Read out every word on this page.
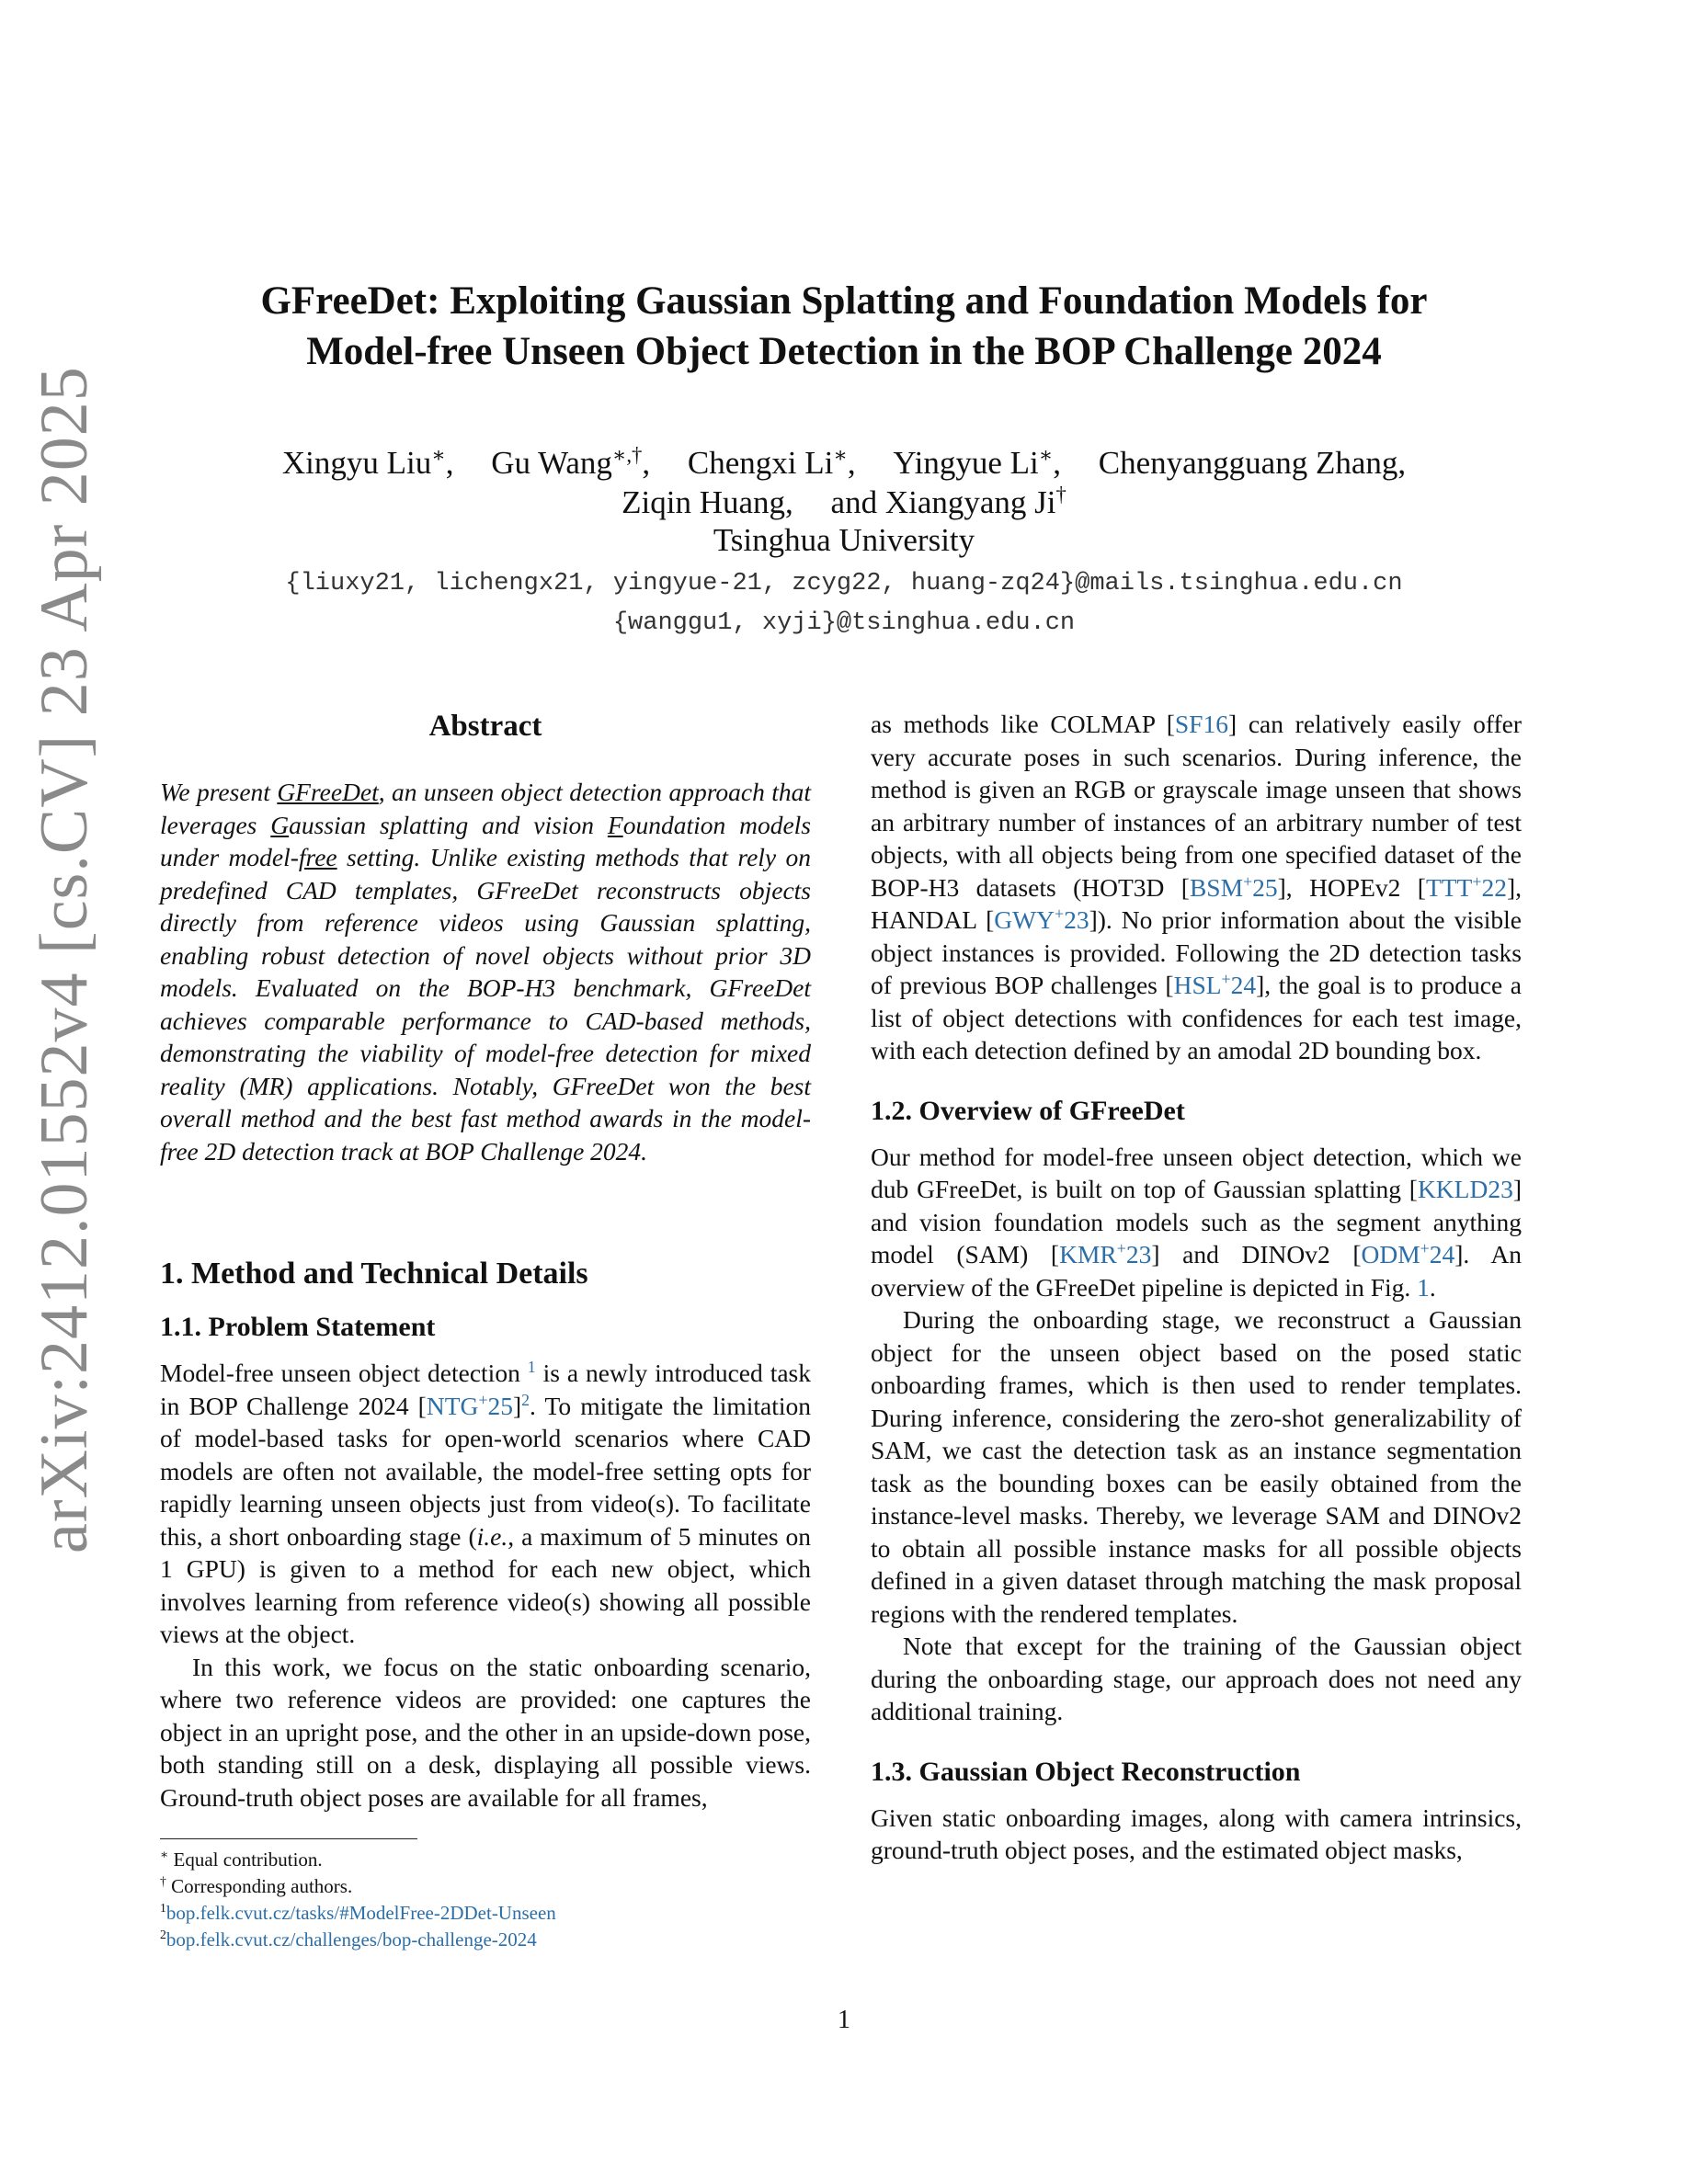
arXiv:2412.01552v4 [cs.CV] 23 Apr 2025
GFreeDet: Exploiting Gaussian Splatting and Foundation Models for
Model-free Unseen Object Detection in the BOP Challenge 2024
Xingyu Liu∗, Gu Wang∗,†, Chengxi Li∗, Yingyue Li∗, Chenyangguang Zhang,
Ziqin Huang, and Xiangyang Ji†
Tsinghua University
{liuxy21, lichengx21, yingyue-21, zcyg22, huang-zq24}@mails.tsinghua.edu.cn
{wanggu1, xyji}@tsinghua.edu.cn
Abstract

We present GFreeDet, an unseen object detection approach that leverages Gaussian splatting and vision Foundation models under model-free setting. Unlike existing methods that rely on predefined CAD templates, GFreeDet reconstructs objects directly from reference videos using Gaussian splatting, enabling robust detection of novel objects without prior 3D models. Evaluated on the BOP-H3 benchmark, GFreeDet achieves comparable performance to CAD-based methods, demonstrating the viability of model-free detection for mixed reality (MR) applications. Notably, GFreeDet won the best overall method and the best fast method awards in the model-free 2D detection track at BOP Challenge 2024.

1. Method and Technical Details
1.1. Problem Statement

Model-free unseen object detection $^1$ is a newly introduced task in BOP Challenge 2024 [NTG+25]$^2$. To mitigate the limitation of model-based tasks for open-world scenarios where CAD models are often not available, the model-free setting opts for rapidly learning unseen objects just from video(s). To facilitate this, a short onboarding stage (i.e., a maximum of 5 minutes on 1 GPU) is given to a method for each new object, which involves learning from reference video(s) showing all possible views at the object.

In this work, we focus on the static onboarding scenario, where two reference videos are provided: one captures the object in an upright pose, and the other in an upside-down pose, both standing still on a desk, displaying all possible views. Ground-truth object poses are available for all frames,

∗ Equal contribution.
† Corresponding authors.
$^1$bop.felk.cvut.cz/tasks/#ModelFree-2DDet-Unseen
$^2$bop.felk.cvut.cz/challenges/bop-challenge-2024

as methods like COLMAP [SF16] can relatively easily offer very accurate poses in such scenarios. During inference, the method is given an RGB or grayscale image unseen that shows an arbitrary number of instances of an arbitrary number of test objects, with all objects being from one specified dataset of the BOP-H3 datasets (HOT3D [BSM+25], HOPEv2 [TTT+22], HANDAL [GWY+23]). No prior information about the visible object instances is provided. Following the 2D detection tasks of previous BOP challenges [HSL+24], the goal is to produce a list of object detections with confidences for each test image, with each detection defined by an amodal 2D bounding box.

1.2. Overview of GFreeDet

Our method for model-free unseen object detection, which we dub GFreeDet, is built on top of Gaussian splatting [KKLD23] and vision foundation models such as the segment anything model (SAM) [KMR+23] and DINOv2 [ODM+24]. An overview of the GFreeDet pipeline is depicted in Fig. 1.

During the onboarding stage, we reconstruct a Gaussian object for the unseen object based on the posed static onboarding frames, which is then used to render templates. During inference, considering the zero-shot generalizability of SAM, we cast the detection task as an instance segmentation task as the bounding boxes can be easily obtained from the instance-level masks. Thereby, we leverage SAM and DINOv2 to obtain all possible instance masks for all possible objects defined in a given dataset through matching the mask proposal regions with the rendered templates.

Note that except for the training of the Gaussian object during the onboarding stage, our approach does not need any additional training.

1.3. Gaussian Object Reconstruction

Given static onboarding images, along with camera intrinsics, ground-truth object poses, and the estimated object masks,

1
